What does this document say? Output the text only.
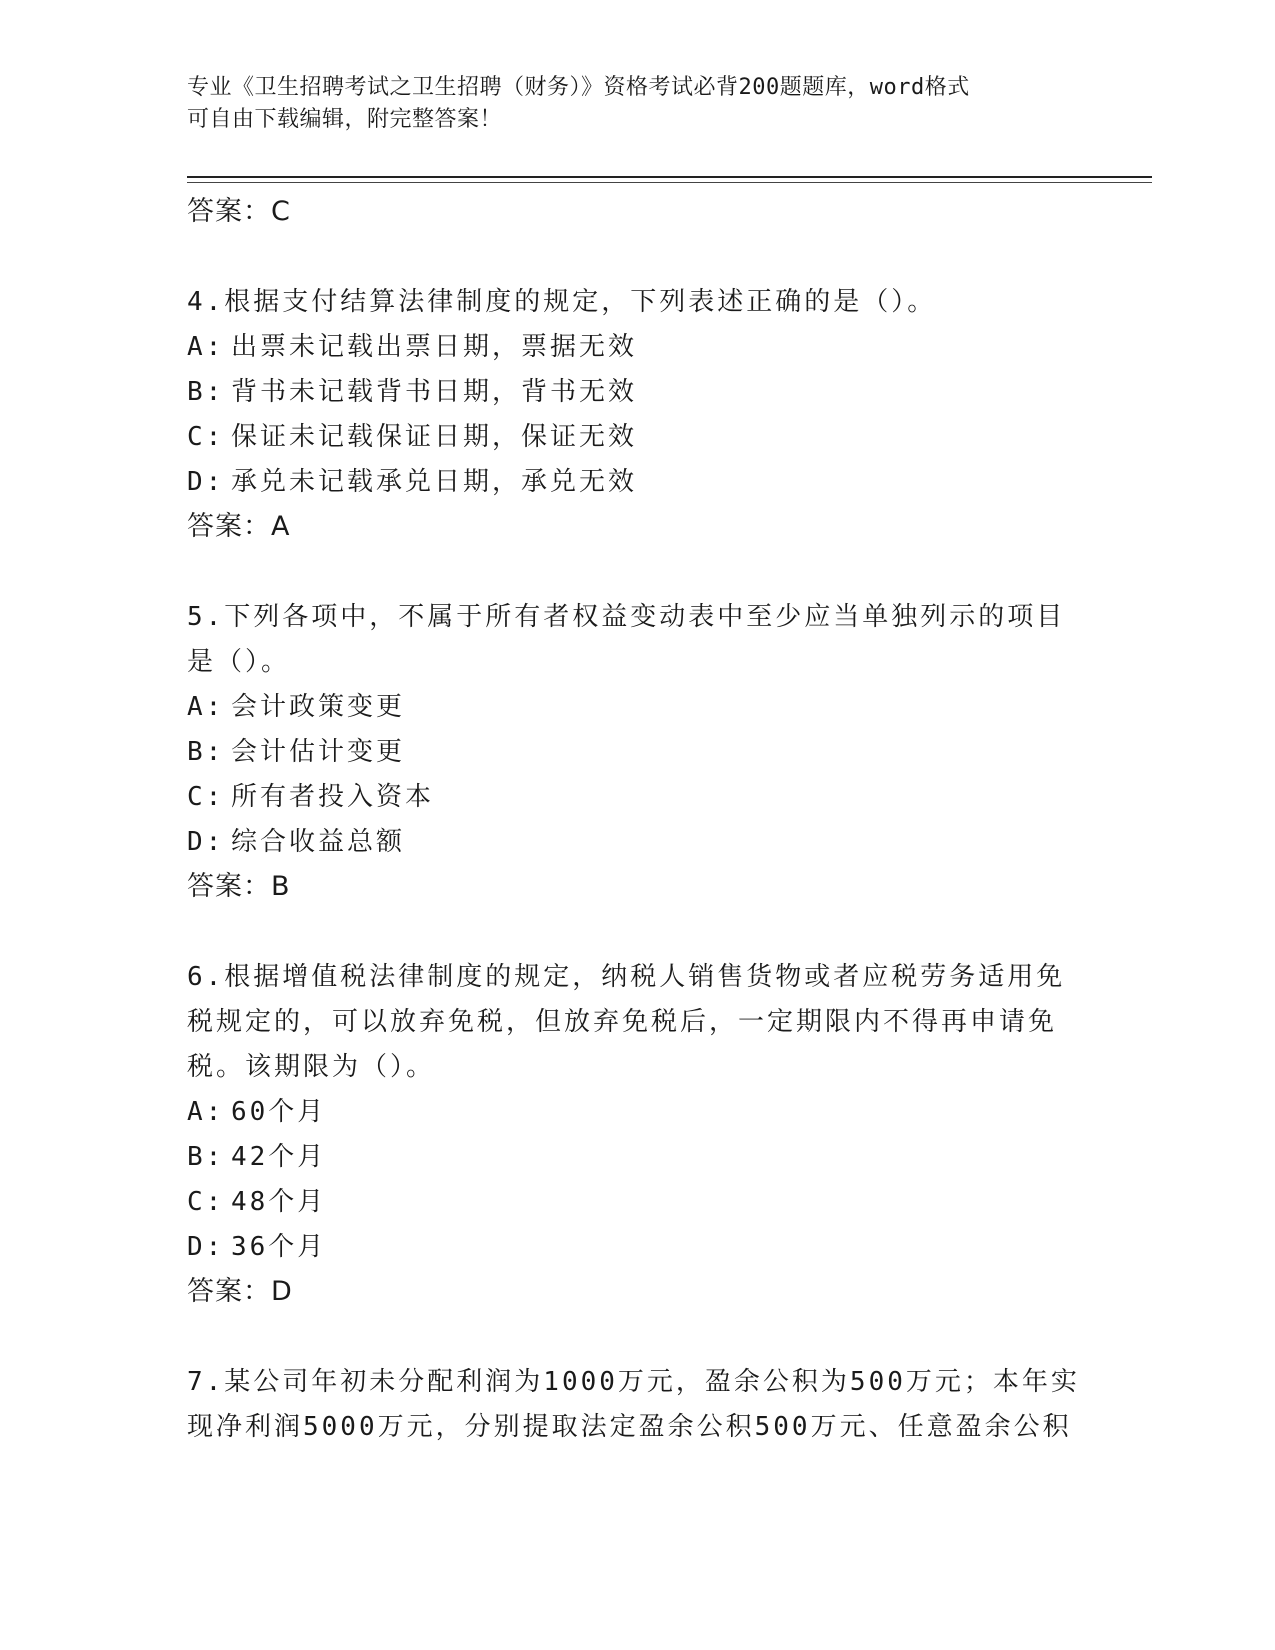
专业《卫生招聘考试之卫生招聘（财务）》资格考试必背200题题库，word格式
可自由下载编辑，附完整答案！
答案：C
4.根据支付结算法律制度的规定，下列表述正确的是（）。
A: 出票未记载出票日期，票据无效
B: 背书未记载背书日期，背书无效
C: 保证未记载保证日期，保证无效
D: 承兑未记载承兑日期，承兑无效
答案：A
5.下列各项中，不属于所有者权益变动表中至少应当单独列示的项目
是（）。
A: 会计政策变更
B: 会计估计变更
C: 所有者投入资本
D: 综合收益总额
答案：B
6.根据增值税法律制度的规定，纳税人销售货物或者应税劳务适用免
税规定的，可以放弃免税，但放弃免税后，一定期限内不得再申请免
税。该期限为（）。
A: 60个月
B: 42个月
C: 48个月
D: 36个月
答案：D
7.某公司年初未分配利润为1000万元，盈余公积为500万元；本年实
现净利润5000万元，分别提取法定盈余公积500万元、任意盈余公积
